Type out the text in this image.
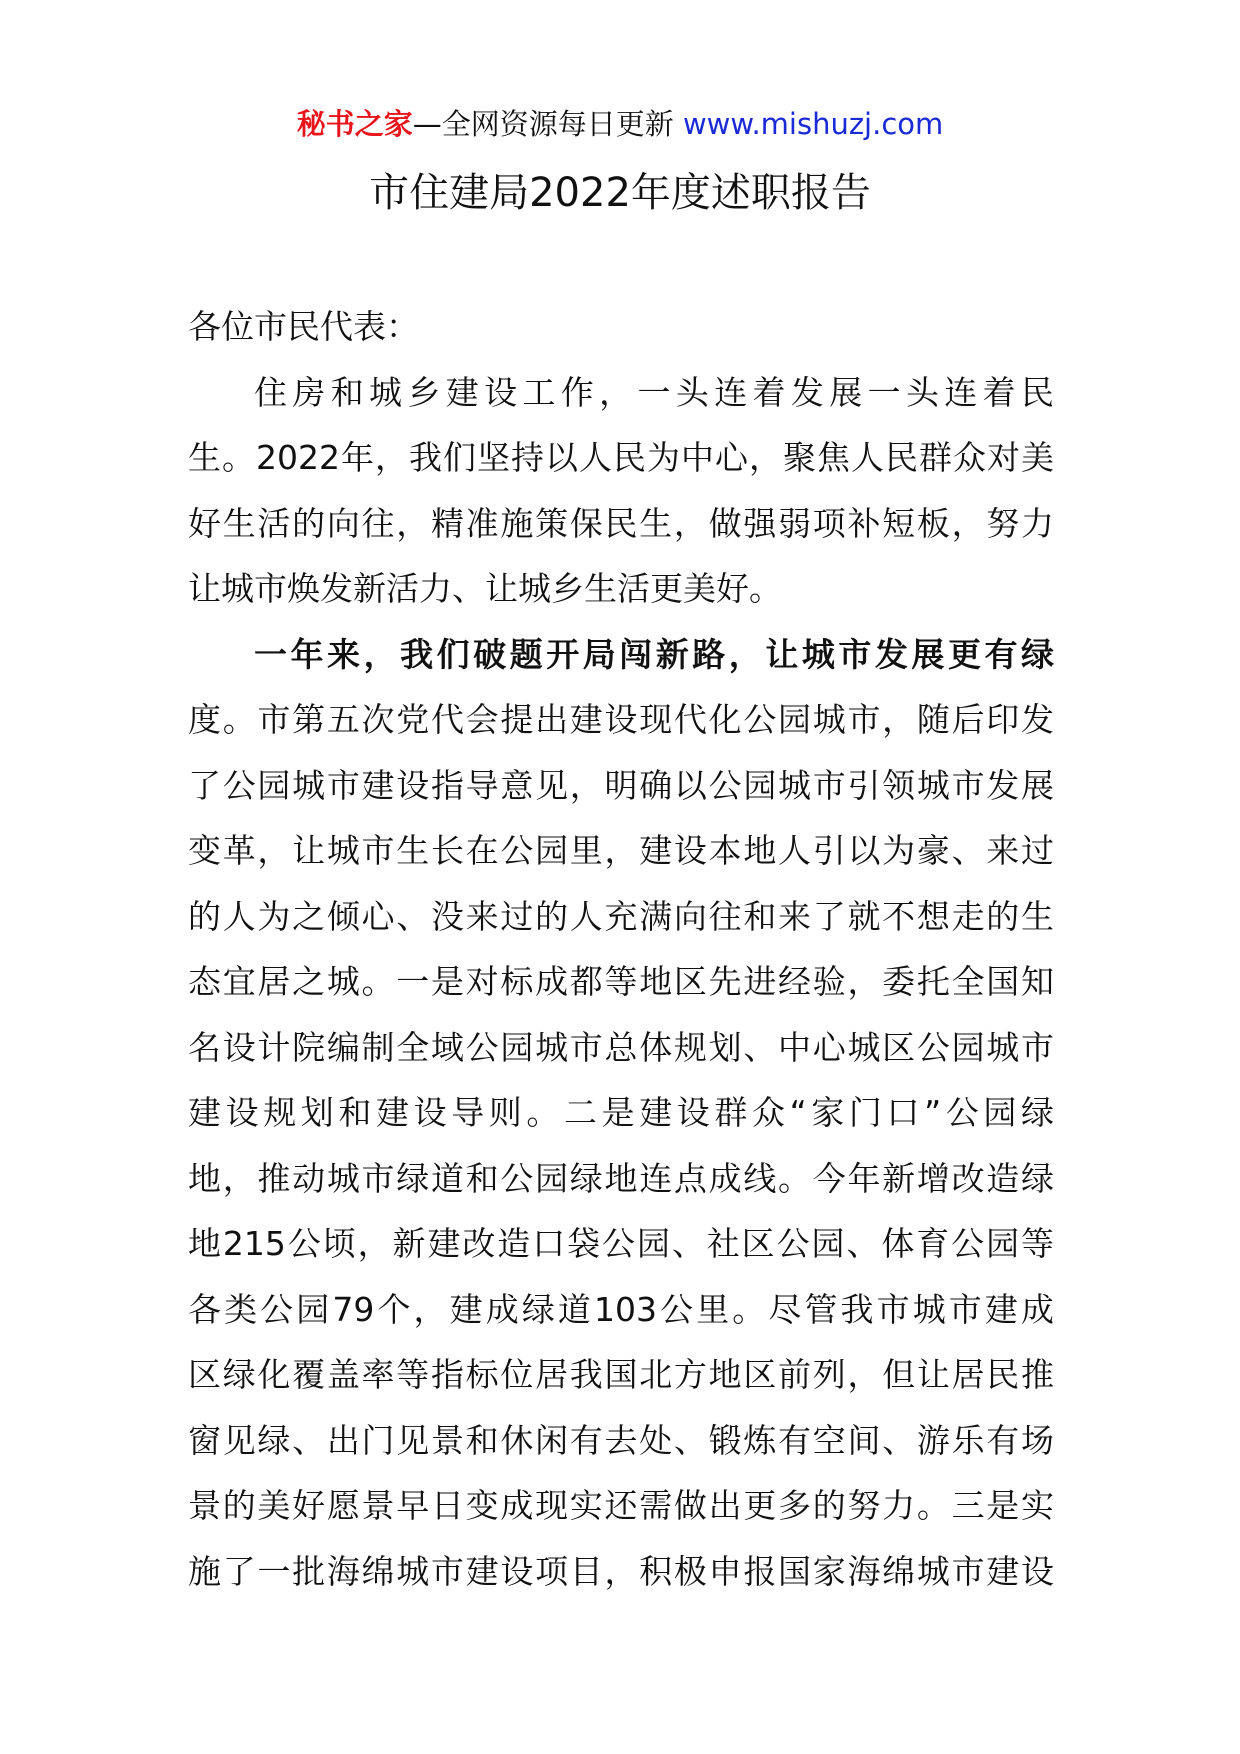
秘书之家—全网资源每日更新 www.mishuzj.com
市住建局2022年度述职报告
各位市民代表：
住房和城乡建设工作，一头连着发展一头连着民
生。2022年，我们坚持以人民为中心，聚焦人民群众对美
好生活的向往，精准施策保民生，做强弱项补短板，努力
让城市焕发新活力、让城乡生活更美好。
一年来，我们破题开局闯新路，让城市发展更有绿
度。市第五次党代会提出建设现代化公园城市，随后印发
了公园城市建设指导意见，明确以公园城市引领城市发展
变革，让城市生长在公园里，建设本地人引以为豪、来过
的人为之倾心、没来过的人充满向往和来了就不想走的生
态宜居之城。一是对标成都等地区先进经验，委托全国知
名设计院编制全域公园城市总体规划、中心城区公园城市
建设规划和建设导则。二是建设群众“家门口”公园绿
地，推动城市绿道和公园绿地连点成线。今年新增改造绿
地215公顷，新建改造口袋公园、社区公园、体育公园等
各类公园79个，建成绿道103公里。尽管我市城市建成
区绿化覆盖率等指标位居我国北方地区前列，但让居民推
窗见绿、出门见景和休闲有去处、锻炼有空间、游乐有场
景的美好愿景早日变成现实还需做出更多的努力。三是实
施了一批海绵城市建设项目，积极申报国家海绵城市建设
